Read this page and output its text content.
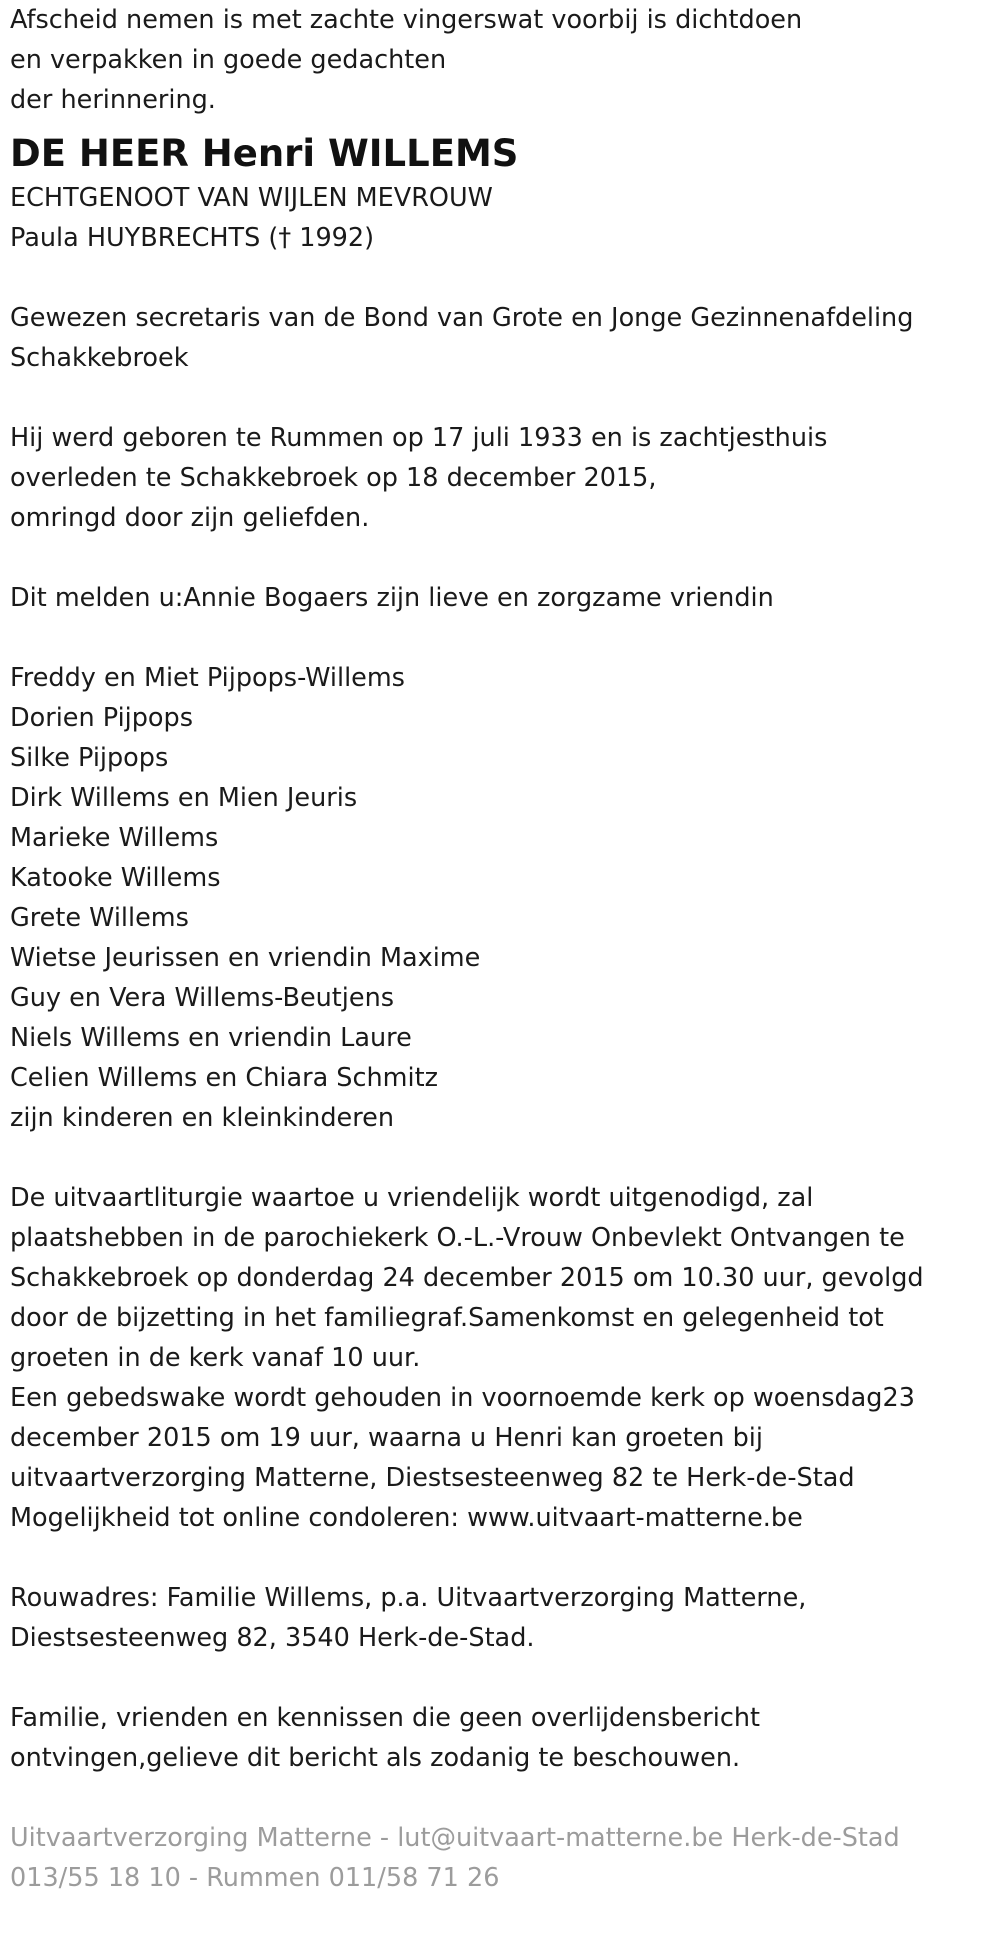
Afscheid nemen is met zachte vingerswat voorbij is dichtdoen
en verpakken in goede gedachten
der herinnering.
DE HEER Henri WILLEMS
ECHTGENOOT VAN WIJLEN MEVROUW
Paula HUYBRECHTS († 1992)
Gewezen secretaris van de Bond van Grote en Jonge Gezinnenafdeling
Schakkebroek
Hij werd geboren te Rummen op 17 juli 1933 en is zachtjesthuis
overleden te Schakkebroek op 18 december 2015,
omringd door zijn geliefden.
Dit melden u:Annie Bogaers zijn lieve en zorgzame vriendin
Freddy en Miet Pijpops-Willems
Dorien Pijpops
Silke Pijpops
Dirk Willems en Mien Jeuris
Marieke Willems
Katooke Willems
Grete Willems
Wietse Jeurissen en vriendin Maxime
Guy en Vera Willems-Beutjens
Niels Willems en vriendin Laure
Celien Willems en Chiara Schmitz
zijn kinderen en kleinkinderen
De uitvaartliturgie waartoe u vriendelijk wordt uitgenodigd, zal
plaatshebben in de parochiekerk O.-L.-Vrouw Onbevlekt Ontvangen te
Schakkebroek op donderdag 24 december 2015 om 10.30 uur, gevolgd
door de bijzetting in het familiegraf.Samenkomst en gelegenheid tot
groeten in de kerk vanaf 10 uur.
Een gebedswake wordt gehouden in voornoemde kerk op woensdag23
december 2015 om 19 uur, waarna u Henri kan groeten bij
uitvaartverzorging Matterne, Diestsesteenweg 82 te Herk-de-Stad
Mogelijkheid tot online condoleren: www.uitvaart-matterne.be
Rouwadres: Familie Willems, p.a. Uitvaartverzorging Matterne,
Diestsesteenweg 82, 3540 Herk-de-Stad.
Familie, vrienden en kennissen die geen overlijdensbericht
ontvingen,gelieve dit bericht als zodanig te beschouwen.
Uitvaartverzorging Matterne - lut@uitvaart-matterne.be Herk-de-Stad
013/55 18 10 - Rummen 011/58 71 26
